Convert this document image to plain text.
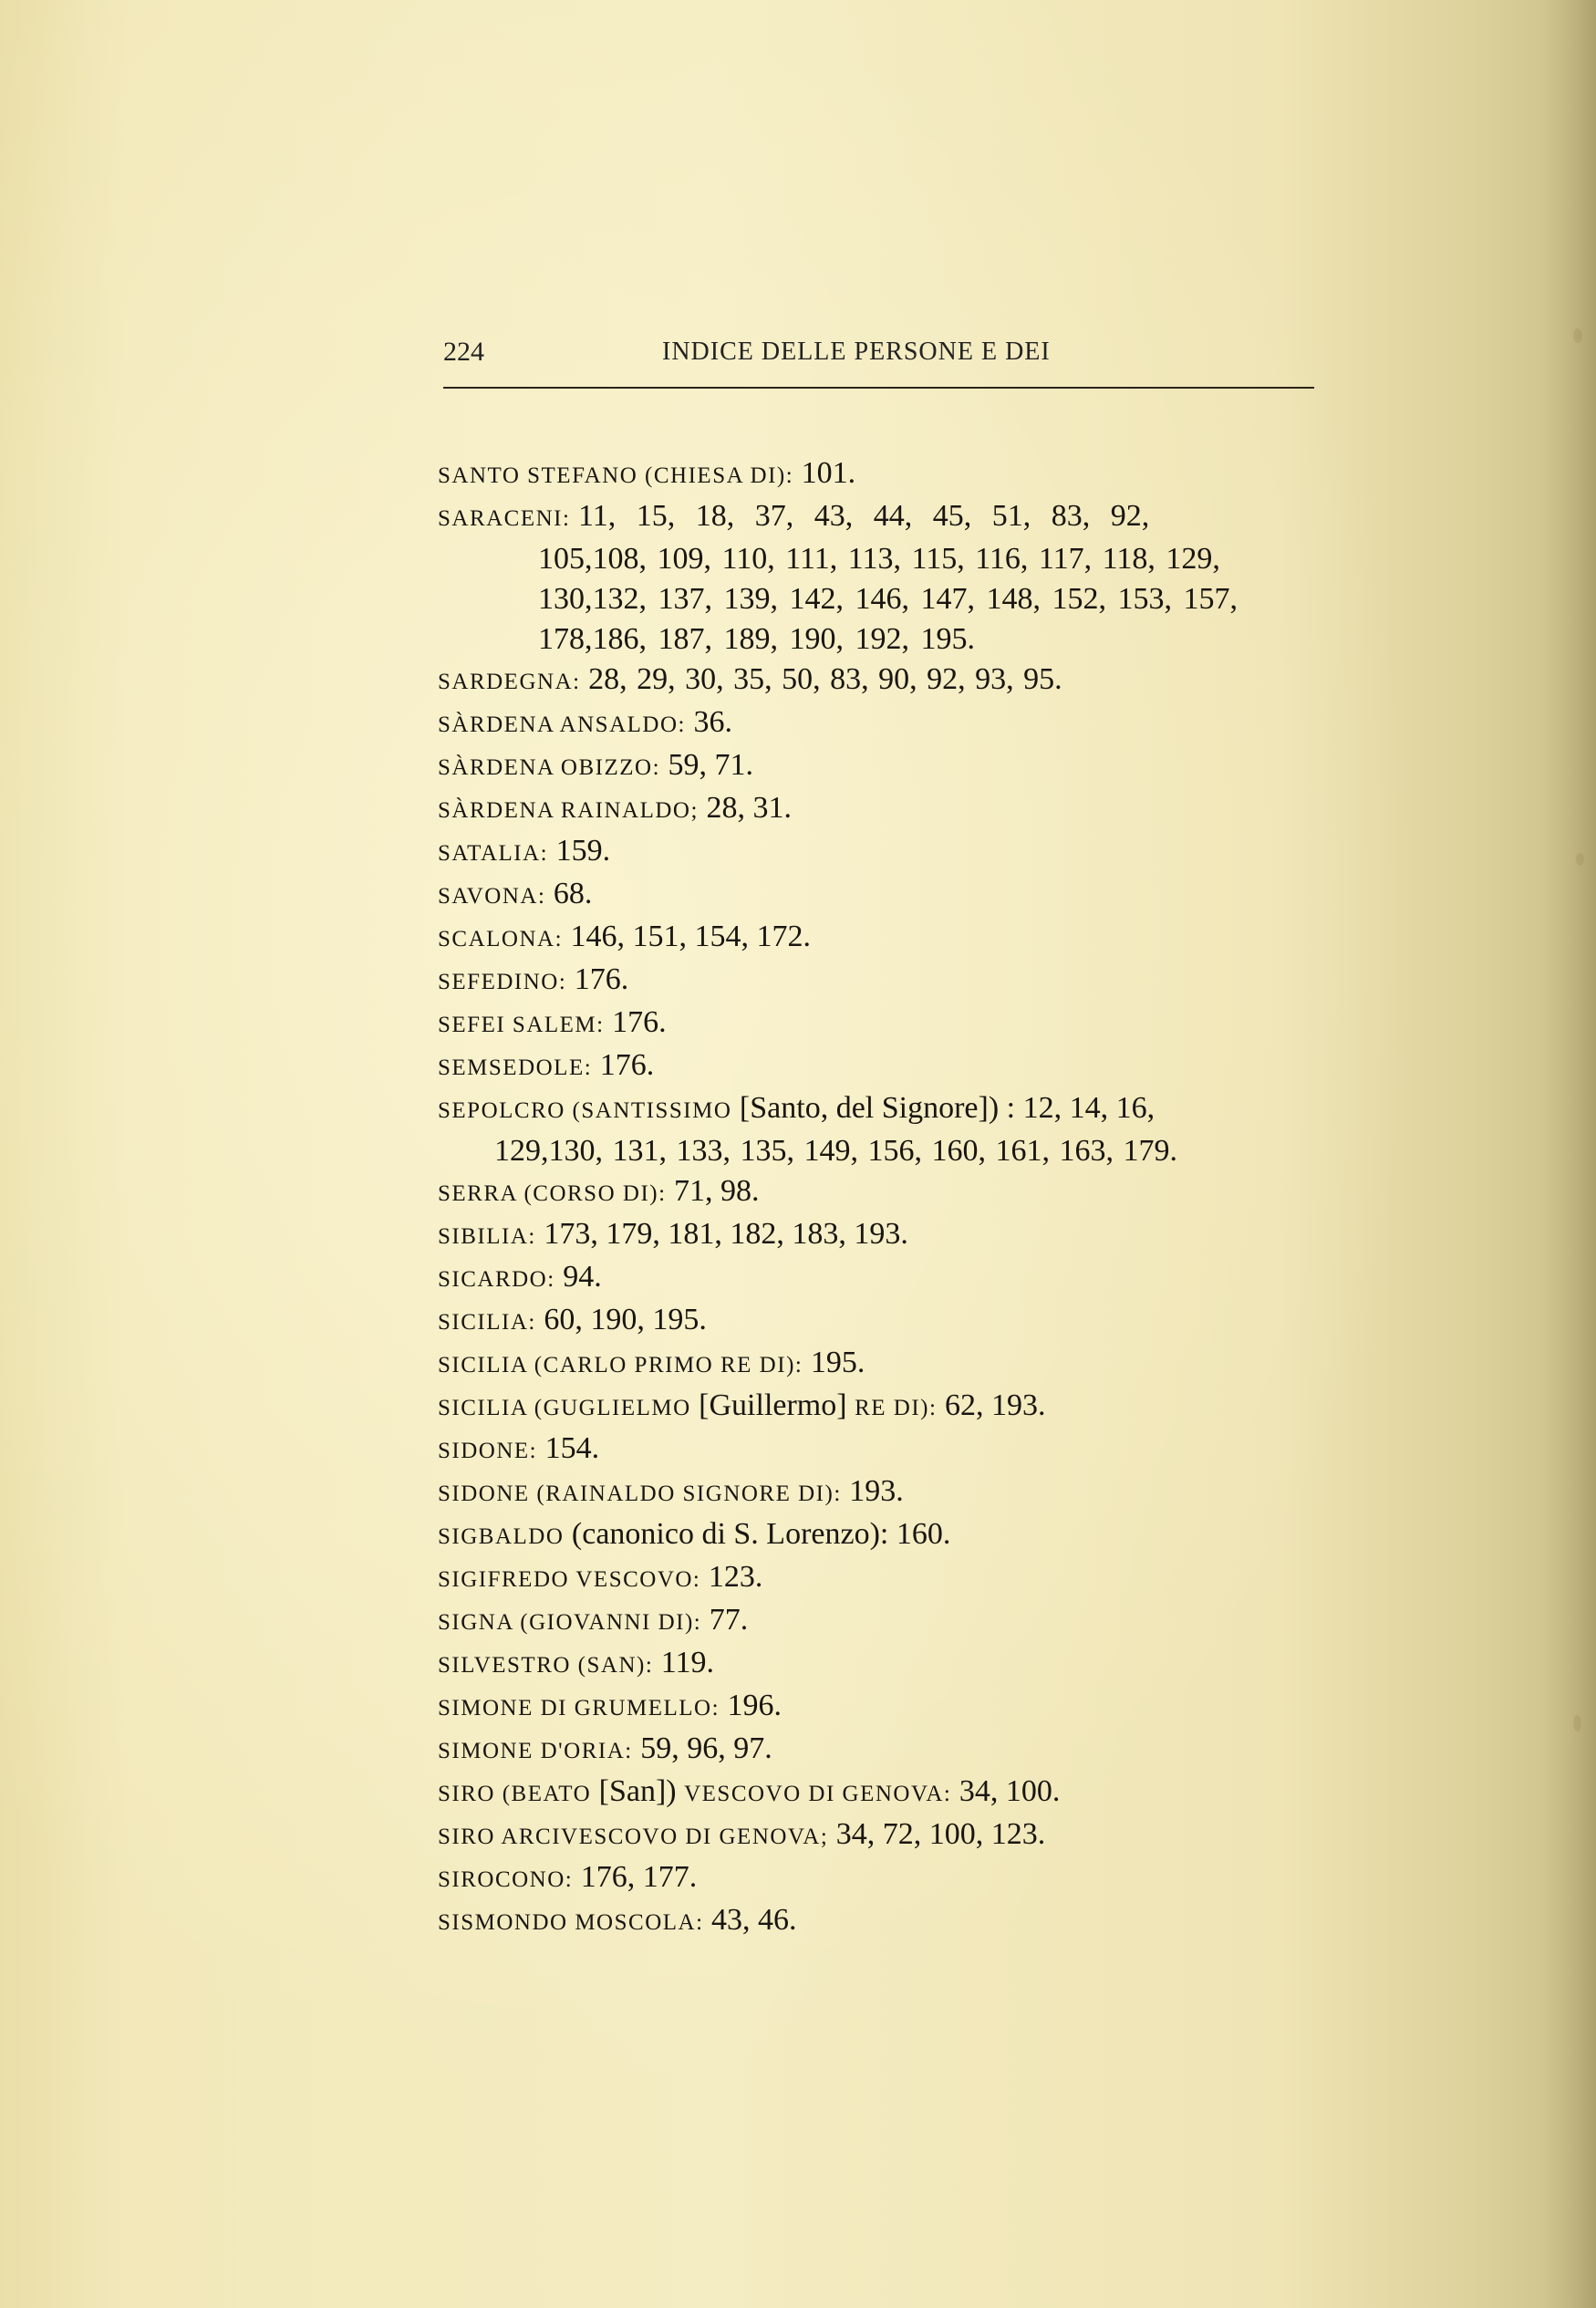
224	INDICE DELLE PERSONE E DEI

SANTO STEFANO (CHIESA DI): 101.

SARACENI: 11, 15, 18, 37, 43, 44, 45, 51, 83, 92,

105,108, 109, 110, 111, 113, 115, 116, 117, 118, 129,

130,132, 137, 139, 142, 146, 147, 148, 152, 153, 157,

178,186, 187, 189, 190, 192, 195.

SARDEGNA: 28, 29, 30, 35, 50, 83, 90, 92, 93, 95.

SÀRDENA ANSALDO: 36.

SÀRDENA OBIZZO: 59, 71.

SÀRDENA RAINALDO; 28, 31.

SATALIA: 159.

SAVONA: 68.

SCALONA: 146, 151, 154, 172.

SEFEDINO: 176.

SEFEI SALEM: 176.

SEMSEDOLE: 176.

SEPOLCRO (SANTISSIMO [Santo, del Signore]) : 12, 14, 16,

129,130, 131, 133, 135, 149, 156, 160, 161, 163, 179.

SERRA (CORSO DI): 71, 98.

SIBILIA: 173, 179, 181, 182, 183, 193.

SICARDO: 94.

SICILIA: 60, 190, 195.

SICILIA (CARLO PRIMO RE DI): 195.

SICILIA (GUGLIELMO [Guillermo] RE DI): 62, 193.

SIDONE: 154.

SIDONE (RAINALDO SIGNORE DI): 193.

SIGBALDO (canonico di S. Lorenzo): 160.

SIGIFREDO VESCOVO: 123.

SIGNA (GIOVANNI DI): 77.

SILVESTRO (SAN): 119.

SIMONE DI GRUMELLO: 196.

SIMONE D'ORIA: 59, 96, 97.

SIRO (BEATO [San]) VESCOVO DI GENOVA: 34, 100.

SIRO ARCIVESCOVO DI GENOVA; 34, 72, 100, 123.

SIROCONO: 176, 177.

SISMONDO MOSCOLA: 43, 46.
